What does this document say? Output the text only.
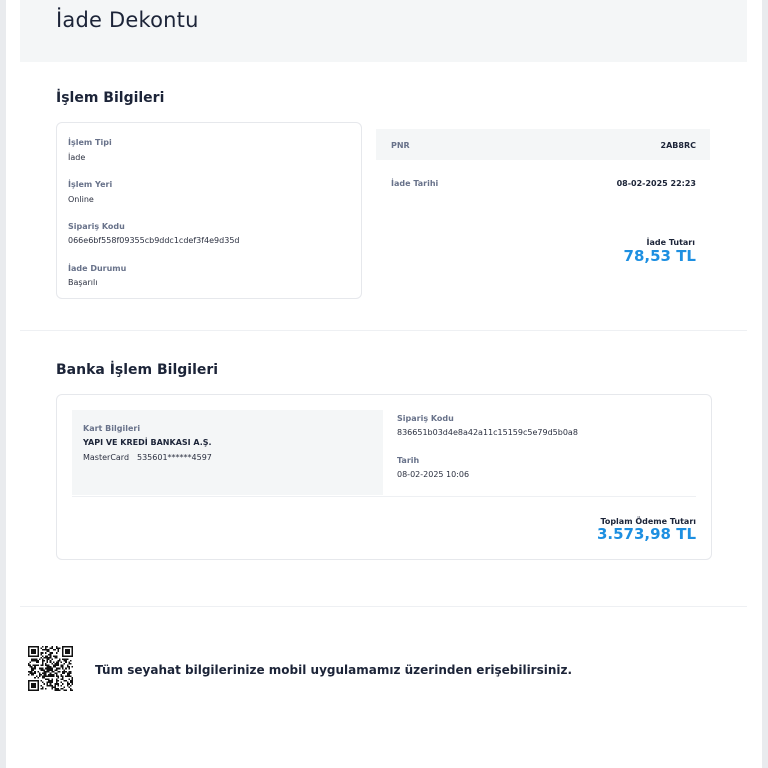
İade Dekontu
İşlem Bilgileri
İşlem Tipi
İade
İşlem Yeri
Online
Sipariş Kodu
066e6bf558f09355cb9ddc1cdef3f4e9d35d
İade Durumu
Başarılı
PNR	2AB8RC
İade Tarihi	08-02-2025 22:23
İade Tutarı
78,53 TL
Banka İşlem Bilgileri
Kart Bilgileri
YAPI VE KREDİ BANKASI A.Ş.
MasterCard 535601******4597
Sipariş Kodu
836651b03d4e8a42a11c15159c5e79d5b0a8
Tarih
08-02-2025 10:06
Toplam Ödeme Tutarı
3.573,98 TL
Tüm seyahat bilgilerinize mobil uygulamamız üzerinden erişebilirsiniz.
